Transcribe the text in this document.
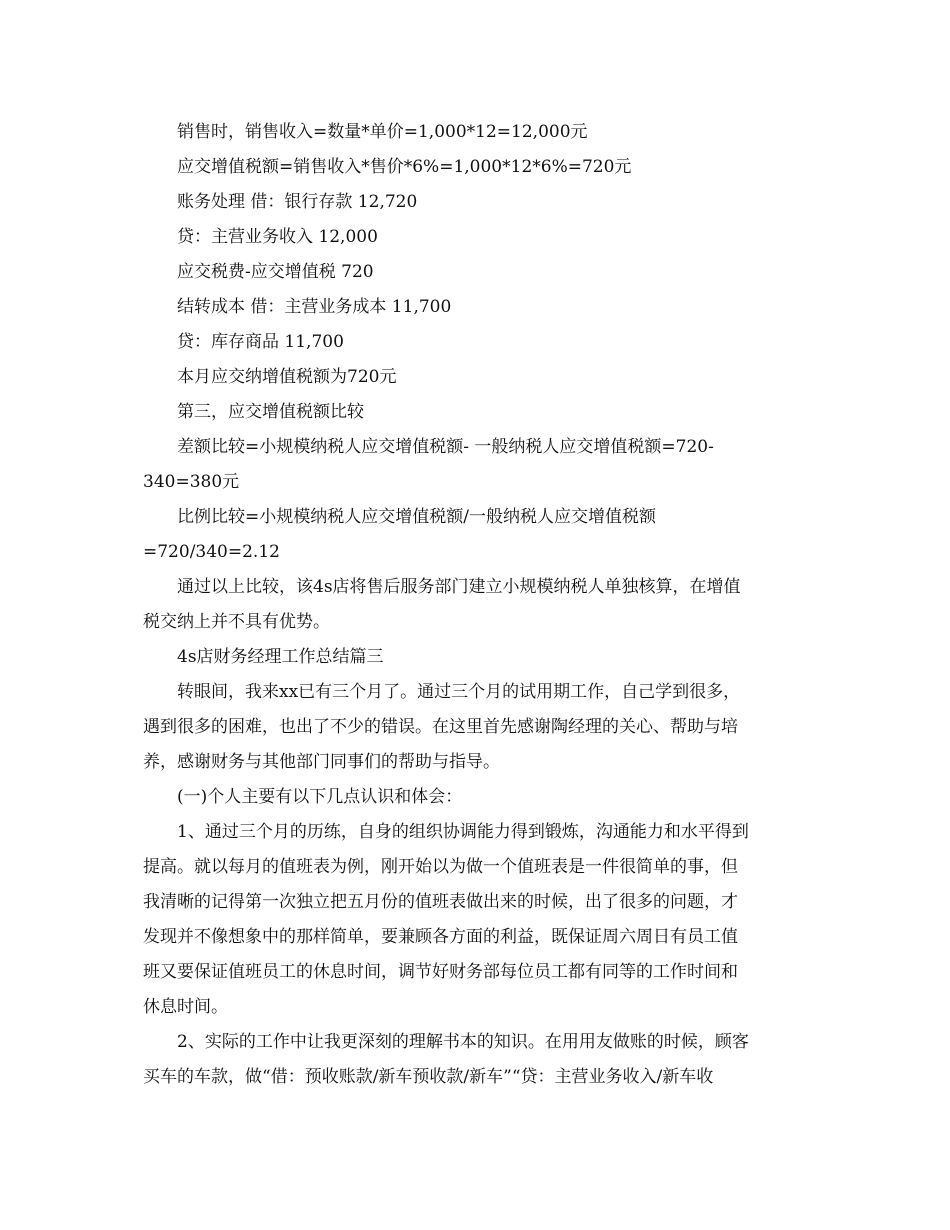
销售时，销售收入=数量*单价=1,000*12=12,000元

应交增值税额=销售收入*售价*6%=1,000*12*6%=720元

账务处理 借：银行存款 12,720

贷：主营业务收入 12,000

应交税费-应交增值税 720

结转成本 借：主营业务成本 11,700

贷：库存商品 11,700

本月应交纳增值税额为720元

第三，应交增值税额比较

差额比较=小规模纳税人应交增值税额- 一般纳税人应交增值税额=720-

340=380元

比例比较=小规模纳税人应交增值税额/一般纳税人应交增值税额

=720/340=2.12

通过以上比较，该4s店将售后服务部门建立小规模纳税人单独核算，在增值

税交纳上并不具有优势。

4s店财务经理工作总结篇三

转眼间，我来xx已有三个月了。通过三个月的试用期工作，自己学到很多，

遇到很多的困难，也出了不少的错误。在这里首先感谢陶经理的关心、帮助与培

养，感谢财务与其他部门同事们的帮助与指导。

(一)个人主要有以下几点认识和体会：

1、通过三个月的历练，自身的组织协调能力得到锻炼，沟通能力和水平得到

提高。就以每月的值班表为例，刚开始以为做一个值班表是一件很简单的事，但

我清晰的记得第一次独立把五月份的值班表做出来的时候，出了很多的问题，才

发现并不像想象中的那样简单，要兼顾各方面的利益，既保证周六周日有员工值

班又要保证值班员工的休息时间，调节好财务部每位员工都有同等的工作时间和

休息时间。

2、实际的工作中让我更深刻的理解书本的知识。在用用友做账的时候，顾客

买车的车款，做“借：预收账款/新车预收款/新车”“贷：主营业务收入/新车收
